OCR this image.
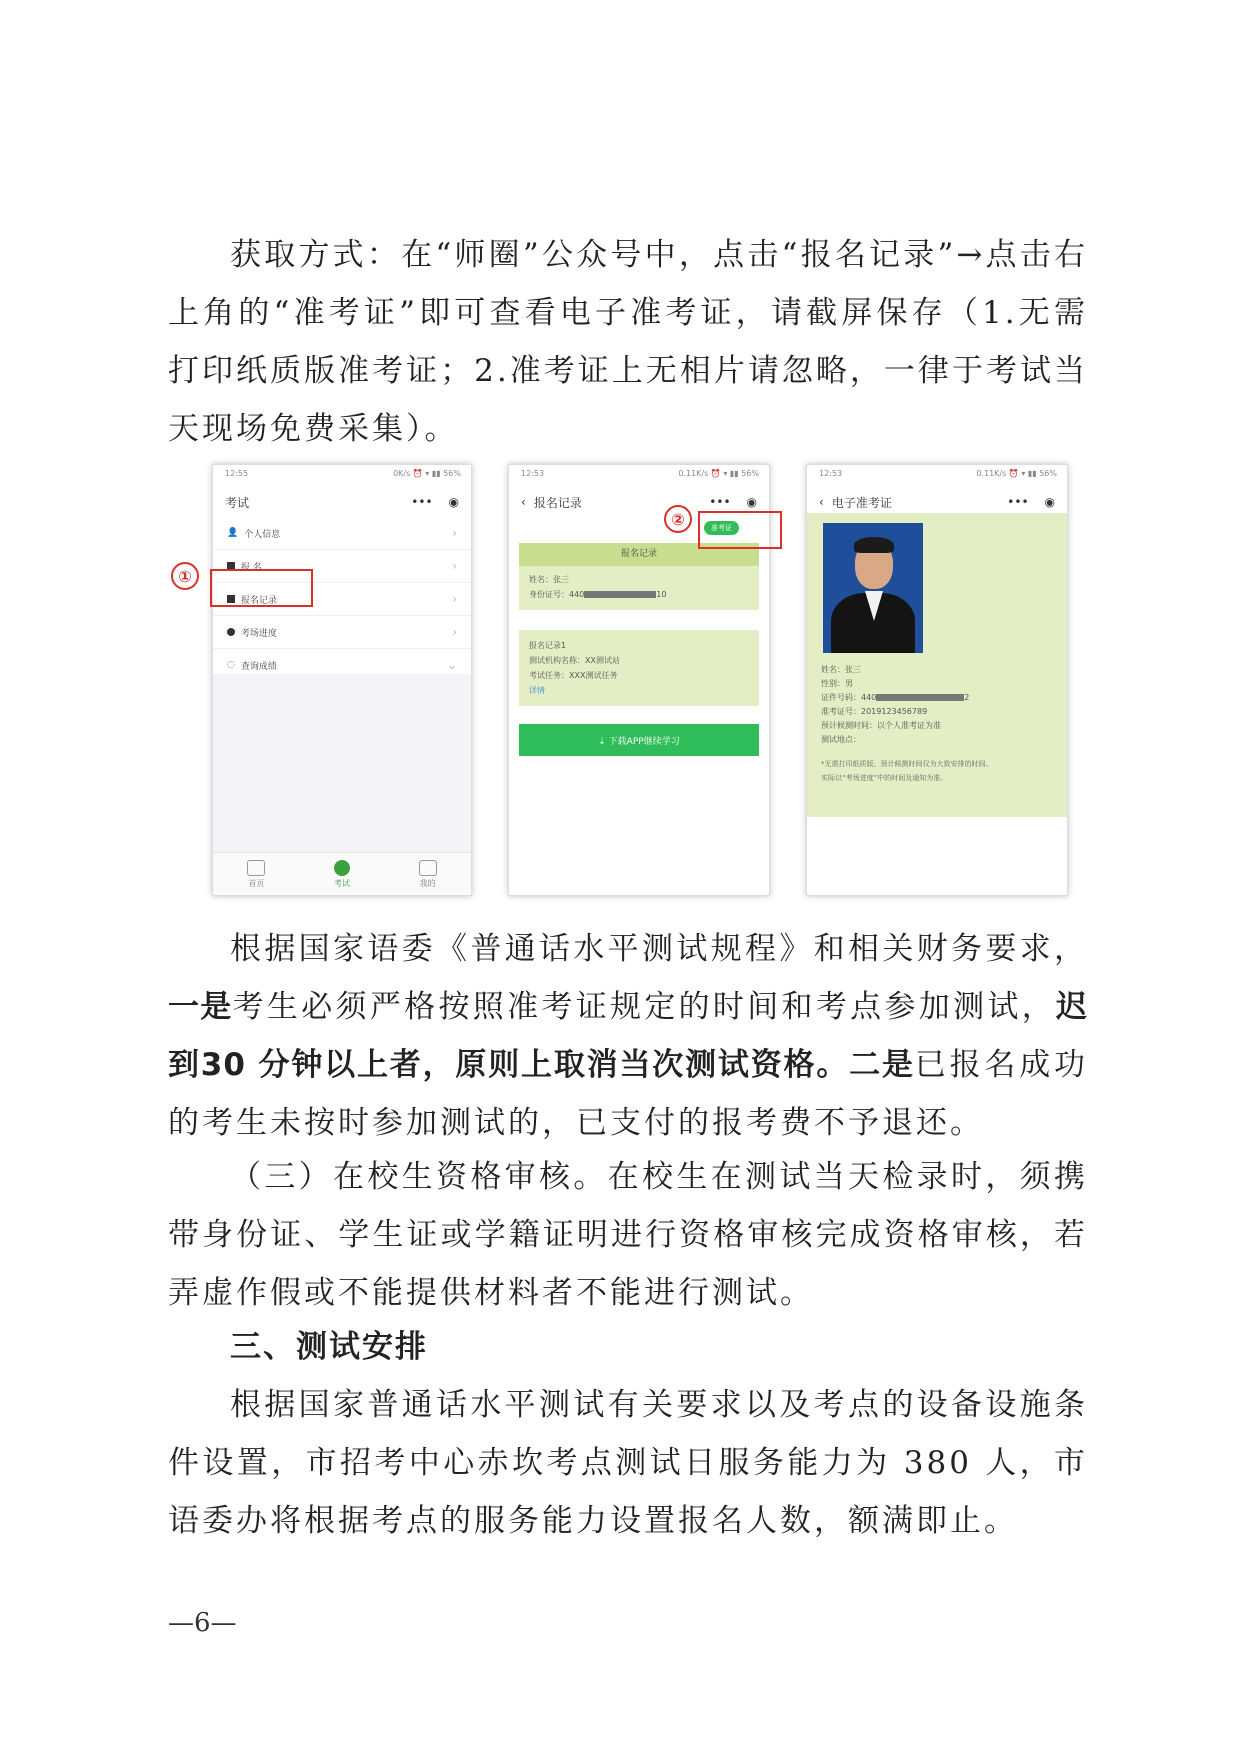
获取方式：在“师圈”公众号中，点击“报名记录”→点击右上角的“准考证”即可查看电子准考证，请截屏保存（1.无需打印纸质版准考证；2.准考证上无相片请忽略，一律于考试当天现场免费采集）。
12:55	0K/s ⏰ ▾ ▮▮ 56%
考试	••• ◉
👤 个人信息	›
报 名	›
报名记录	›
考场进度	›
◌ 查询成绩	⌄
首页	考试	我的
12:53	0.11K/s ⏰ ▾ ▮▮ 56%
‹ 报名记录	••• ◉
准考证
报名记录
姓名：张三
身份证号：440	10
报名记录1
测试机构名称：XX测试站
考试任务：XXX测试任务
详情
⇣ 下载APP继续学习
12:53	0.11K/s ⏰ ▾ ▮▮ 56%
‹ 电子准考证	••• ◉
姓名：张三
性别：男
证件号码：440	2
准考证号：2019123456789
预计候测时间：以个人准考证为准
测试地点：
*无需打印纸质版。预计候测时间仅为大致安排的时间。
实际以“考场进度”中的时间及通知为准。
①
②
根据国家语委《普通话水平测试规程》和相关财务要求，一是考生必须严格按照准考证规定的时间和考点参加测试，迟到30 分钟以上者，原则上取消当次测试资格。二是已报名成功的考生未按时参加测试的，已支付的报考费不予退还。
（三）在校生资格审核。在校生在测试当天检录时，须携带身份证、学生证或学籍证明进行资格审核完成资格审核，若弄虚作假或不能提供材料者不能进行测试。
三、测试安排
根据国家普通话水平测试有关要求以及考点的设备设施条件设置，市招考中心赤坎考点测试日服务能力为 380 人，市语委办将根据考点的服务能力设置报名人数，额满即止。
—6—
